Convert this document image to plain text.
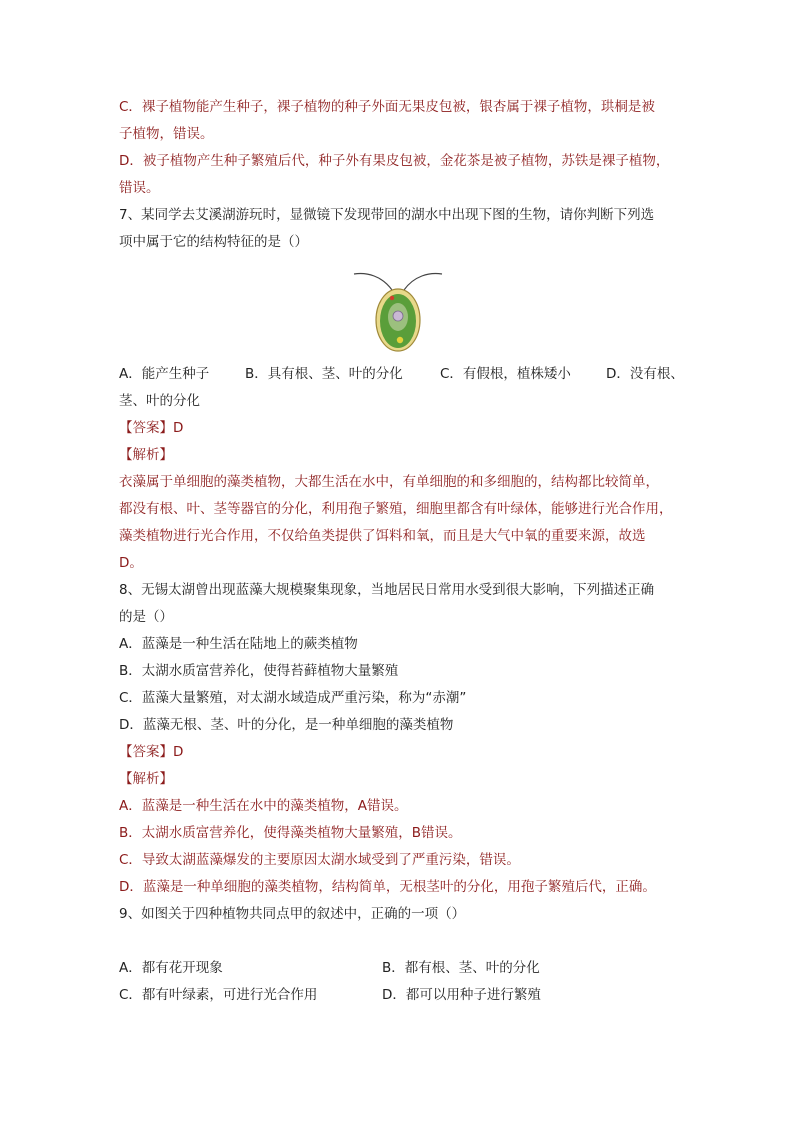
C．裸子植物能产生种子，裸子植物的种子外面无果皮包被，银杏属于裸子植物，珙桐是被
子植物，错误。
D．被子植物产生种子繁殖后代，种子外有果皮包被，金花茶是被子植物，苏铁是裸子植物，
错误。
7、某同学去艾溪湖游玩时，显微镜下发现带回的湖水中出现下图的生物，请你判断下列选
项中属于它的结构特征的是（）
A．能产生种子	B．具有根、茎、叶的分化	C．有假根，植株矮小	D．没有根、
茎、叶的分化
【答案】D
【解析】
衣藻属于单细胞的藻类植物，大都生活在水中，有单细胞的和多细胞的，结构都比较简单，
都没有根、叶、茎等器官的分化，利用孢子繁殖，细胞里都含有叶绿体，能够进行光合作用，
藻类植物进行光合作用，不仅给鱼类提供了饵料和氧，而且是大气中氧的重要来源，故选
D。
8、无锡太湖曾出现蓝藻大规模聚集现象，当地居民日常用水受到很大影响，下列描述正确
的是（）
A．蓝藻是一种生活在陆地上的蕨类植物
B．太湖水质富营养化，使得苔藓植物大量繁殖
C．蓝藻大量繁殖，对太湖水域造成严重污染，称为“赤潮”
D．蓝藻无根、茎、叶的分化，是一种单细胞的藻类植物
【答案】D
【解析】
A．蓝藻是一种生活在水中的藻类植物，A错误。
B．太湖水质富营养化，使得藻类植物大量繁殖，B错误。
C．导致太湖蓝藻爆发的主要原因太湖水域受到了严重污染，错误。
D．蓝藻是一种单细胞的藻类植物，结构简单，无根茎叶的分化，用孢子繁殖后代，正确。
9、如图关于四种植物共同点甲的叙述中，正确的一项（）
A．都有花开现象	B．都有根、茎、叶的分化
C．都有叶绿素，可进行光合作用	D．都可以用种子进行繁殖
